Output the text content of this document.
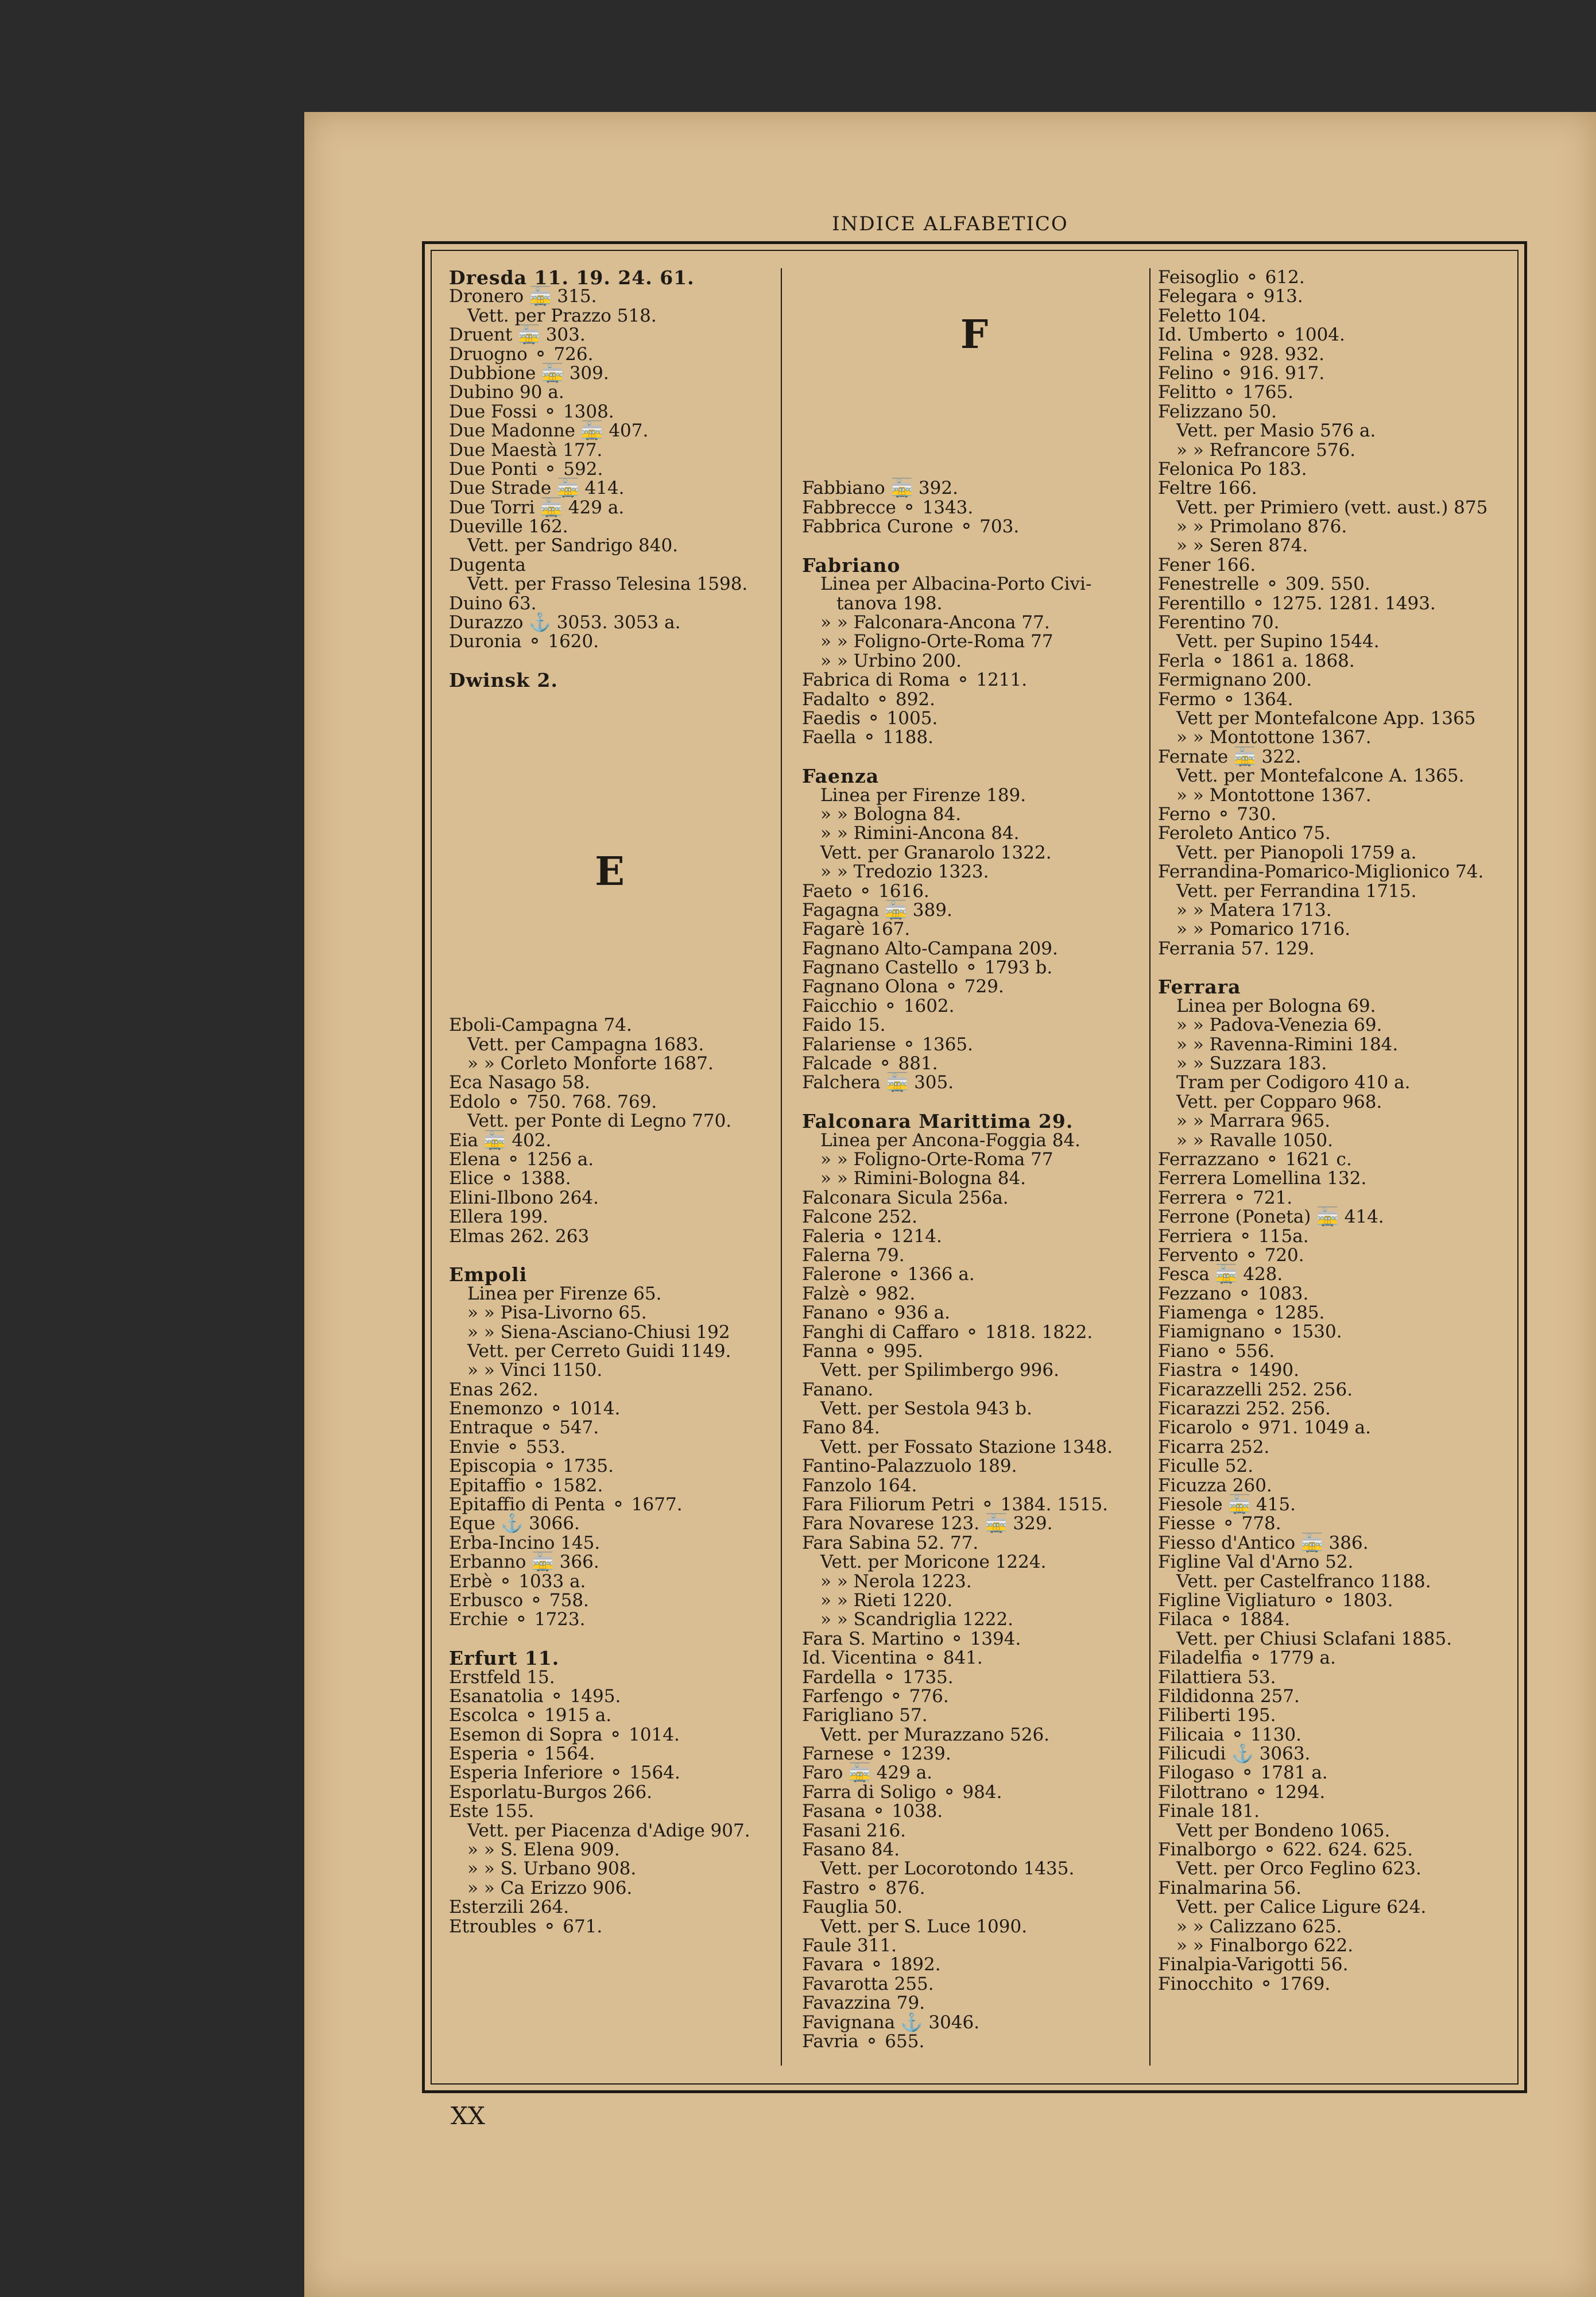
INDICE ALFABETICO
Dresda 11. 19. 24. 61.
Dronero 🚋 315.
Vett. per Prazzo 518.
Druent 🚋 303.
Druogno ⚬ 726.
Dubbione 🚋 309.
Dubino 90 a.
Due Fossi ⚬ 1308.
Due Madonne 🚋 407.
Due Maestà 177.
Due Ponti ⚬ 592.
Due Strade 🚋 414.
Due Torri 🚋 429 a.
Dueville 162.
Vett. per Sandrigo 840.
Dugenta
Vett. per Frasso Telesina 1598.
Duino 63.
Durazzo ⚓ 3053. 3053 a.
Duronia ⚬ 1620.
Dwinsk 2.
E
Eboli-Campagna 74.
Vett. per Campagna 1683.
» » Corleto Monforte 1687.
Eca Nasago 58.
Edolo ⚬ 750. 768. 769.
Vett. per Ponte di Legno 770.
Eia 🚋 402.
Elena ⚬ 1256 a.
Elice ⚬ 1388.
Elini-Ilbono 264.
Ellera 199.
Elmas 262. 263
Empoli
Linea per Firenze 65.
» » Pisa-Livorno 65.
» » Siena-Asciano-Chiusi 192
Vett. per Cerreto Guidi 1149.
» » Vinci 1150.
Enas 262.
Enemonzo ⚬ 1014.
Entraque ⚬ 547.
Envie ⚬ 553.
Episcopia ⚬ 1735.
Epitaffio ⚬ 1582.
Epitaffio di Penta ⚬ 1677.
Eque ⚓ 3066.
Erba-Incino 145.
Erbanno 🚋 366.
Erbè ⚬ 1033 a.
Erbusco ⚬ 758.
Erchie ⚬ 1723.
Erfurt 11.
Erstfeld 15.
Esanatolia ⚬ 1495.
Escolca ⚬ 1915 a.
Esemon di Sopra ⚬ 1014.
Esperia ⚬ 1564.
Esperia Inferiore ⚬ 1564.
Esporlatu-Burgos 266.
Este 155.
Vett. per Piacenza d'Adige 907.
» » S. Elena 909.
» » S. Urbano 908.
» » Ca Erizzo 906.
Esterzili 264.
Etroubles ⚬ 671.
F
Fabbiano 🚋 392.
Fabbrecce ⚬ 1343.
Fabbrica Curone ⚬ 703.
Fabriano
Linea per Albacina-Porto Civi-
tanova 198.
» » Falconara-Ancona 77.
» » Foligno-Orte-Roma 77
» » Urbino 200.
Fabrica di Roma ⚬ 1211.
Fadalto ⚬ 892.
Faedis ⚬ 1005.
Faella ⚬ 1188.
Faenza
Linea per Firenze 189.
» » Bologna 84.
» » Rimini-Ancona 84.
Vett. per Granarolo 1322.
» » Tredozio 1323.
Faeto ⚬ 1616.
Fagagna 🚋 389.
Fagarè 167.
Fagnano Alto-Campana 209.
Fagnano Castello ⚬ 1793 b.
Fagnano Olona ⚬ 729.
Faicchio ⚬ 1602.
Faido 15.
Falariense ⚬ 1365.
Falcade ⚬ 881.
Falchera 🚋 305.
Falconara Marittima 29.
Linea per Ancona-Foggia 84.
» » Foligno-Orte-Roma 77
» » Rimini-Bologna 84.
Falconara Sicula 256a.
Falcone 252.
Faleria ⚬ 1214.
Falerna 79.
Falerone ⚬ 1366 a.
Falzè ⚬ 982.
Fanano ⚬ 936 a.
Fanghi di Caffaro ⚬ 1818. 1822.
Fanna ⚬ 995.
Vett. per Spilimbergo 996.
Fanano.
Vett. per Sestola 943 b.
Fano 84.
Vett. per Fossato Stazione 1348.
Fantino-Palazzuolo 189.
Fanzolo 164.
Fara Filiorum Petri ⚬ 1384. 1515.
Fara Novarese 123. 🚋 329.
Fara Sabina 52. 77.
Vett. per Moricone 1224.
» » Nerola 1223.
» » Rieti 1220.
» » Scandriglia 1222.
Fara S. Martino ⚬ 1394.
Id. Vicentina ⚬ 841.
Fardella ⚬ 1735.
Farfengo ⚬ 776.
Farigliano 57.
Vett. per Murazzano 526.
Farnese ⚬ 1239.
Faro 🚋 429 a.
Farra di Soligo ⚬ 984.
Fasana ⚬ 1038.
Fasani 216.
Fasano 84.
Vett. per Locorotondo 1435.
Fastro ⚬ 876.
Fauglia 50.
Vett. per S. Luce 1090.
Faule 311.
Favara ⚬ 1892.
Favarotta 255.
Favazzina 79.
Favignana ⚓ 3046.
Favria ⚬ 655.
Feisoglio ⚬ 612.
Felegara ⚬ 913.
Feletto 104.
Id. Umberto ⚬ 1004.
Felina ⚬ 928. 932.
Felino ⚬ 916. 917.
Felitto ⚬ 1765.
Felizzano 50.
Vett. per Masio 576 a.
» » Refrancore 576.
Felonica Po 183.
Feltre 166.
Vett. per Primiero (vett. aust.) 875
» » Primolano 876.
» » Seren 874.
Fener 166.
Fenestrelle ⚬ 309. 550.
Ferentillo ⚬ 1275. 1281. 1493.
Ferentino 70.
Vett. per Supino 1544.
Ferla ⚬ 1861 a. 1868.
Fermignano 200.
Fermo ⚬ 1364.
Vett per Montefalcone App. 1365
» » Montottone 1367.
Fernate 🚋 322.
Vett. per Montefalcone A. 1365.
» » Montottone 1367.
Ferno ⚬ 730.
Feroleto Antico 75.
Vett. per Pianopoli 1759 a.
Ferrandina-Pomarico-Miglionico 74.
Vett. per Ferrandina 1715.
» » Matera 1713.
» » Pomarico 1716.
Ferrania 57. 129.
Ferrara
Linea per Bologna 69.
» » Padova-Venezia 69.
» » Ravenna-Rimini 184.
» » Suzzara 183.
Tram per Codigoro 410 a.
Vett. per Copparo 968.
» » Marrara 965.
» » Ravalle 1050.
Ferrazzano ⚬ 1621 c.
Ferrera Lomellina 132.
Ferrera ⚬ 721.
Ferrone (Poneta) 🚋 414.
Ferriera ⚬ 115a.
Fervento ⚬ 720.
Fesca 🚋 428.
Fezzano ⚬ 1083.
Fiamenga ⚬ 1285.
Fiamignano ⚬ 1530.
Fiano ⚬ 556.
Fiastra ⚬ 1490.
Ficarazzelli 252. 256.
Ficarazzi 252. 256.
Ficarolo ⚬ 971. 1049 a.
Ficarra 252.
Ficulle 52.
Ficuzza 260.
Fiesole 🚋 415.
Fiesse ⚬ 778.
Fiesso d'Antico 🚋 386.
Figline Val d'Arno 52.
Vett. per Castelfranco 1188.
Figline Vigliaturo ⚬ 1803.
Filaca ⚬ 1884.
Vett. per Chiusi Sclafani 1885.
Filadelfia ⚬ 1779 a.
Filattiera 53.
Fildidonna 257.
Filiberti 195.
Filicaia ⚬ 1130.
Filicudi ⚓ 3063.
Filogaso ⚬ 1781 a.
Filottrano ⚬ 1294.
Finale 181.
Vett per Bondeno 1065.
Finalborgo ⚬ 622. 624. 625.
Vett. per Orco Feglino 623.
Finalmarina 56.
Vett. per Calice Ligure 624.
» » Calizzano 625.
» » Finalborgo 622.
Finalpia-Varigotti 56.
Finocchito ⚬ 1769.
XX
